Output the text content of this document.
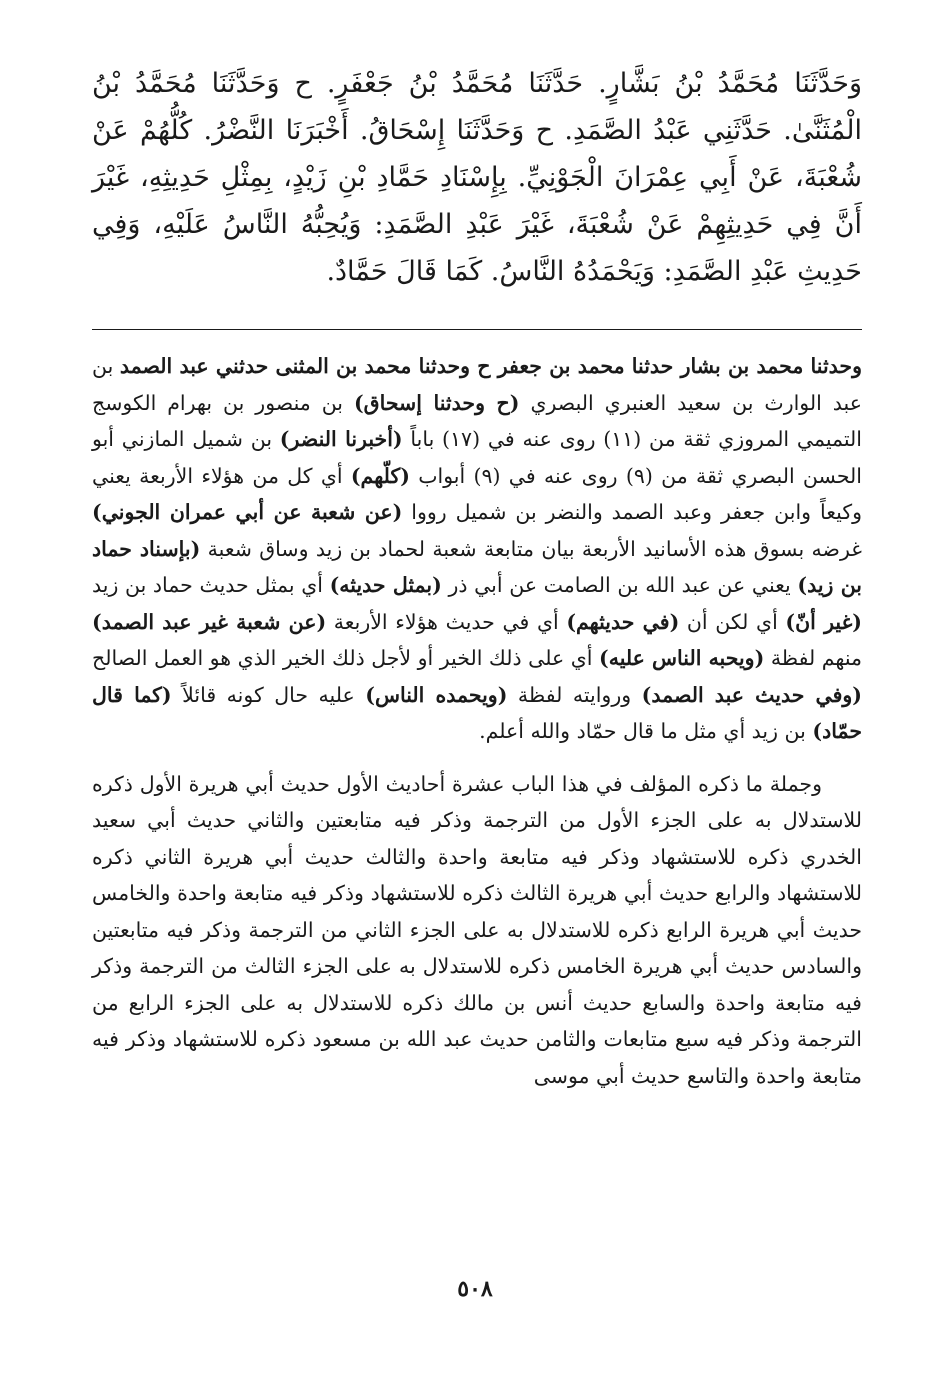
وَحَدَّثَنَا مُحَمَّدُ بْنُ بَشَّارٍ. حَدَّثَنَا مُحَمَّدُ بْنُ جَعْفَرٍ. ح وَحَدَّثَنَا مُحَمَّدُ بْنُ الْمُثَنَّىٰ. حَدَّثَنِي عَبْدُ الصَّمَدِ. ح وَحَدَّثَنَا إِسْحَاقُ. أَخْبَرَنَا النَّضْرُ. كُلُّهُمْ عَنْ شُعْبَةَ، عَنْ أَبِي عِمْرَانَ الْجَوْنِيِّ. بِإِسْنَادِ حَمَّادِ بْنِ زَيْدٍ، بِمِثْلِ حَدِيثِهِ، غَيْرَ أَنَّ فِي حَدِيثِهِمْ عَنْ شُعْبَةَ، غَيْرَ عَبْدِ الصَّمَدِ: وَيُحِبُّهُ النَّاسُ عَلَيْهِ، وَفِي حَدِيثِ عَبْدِ الصَّمَدِ: وَيَحْمَدُهُ النَّاسُ. كَمَا قَالَ حَمَّادٌ.

وحدثنا محمد بن بشار حدثنا محمد بن جعفر ح وحدثنا محمد بن المثنى حدثني عبد الصمد بن عبد الوارث بن سعيد العنبري البصري (ح وحدثنا إسحاق) بن منصور بن بهرام الكوسج التميمي المروزي ثقة من (١١) روى عنه في (١٧) باباً (أخبرنا النضر) بن شميل المازني أبو الحسن البصري ثقة من (٩) روى عنه في (٩) أبواب (كلّهم) أي كل من هؤلاء الأربعة يعني وكيعاً وابن جعفر وعبد الصمد والنضر بن شميل رووا (عن شعبة عن أبي عمران الجوني) غرضه بسوق هذه الأسانيد الأربعة بيان متابعة شعبة لحماد بن زيد وساق شعبة (بإسناد حماد بن زيد) يعني عن عبد الله بن الصامت عن أبي ذر (بمثل حديثه) أي بمثل حديث حماد بن زيد (غير أنّ) أي لكن أن (في حديثهم) أي في حديث هؤلاء الأربعة (عن شعبة غير عبد الصمد) منهم لفظة (ويحبه الناس عليه) أي على ذلك الخير أو لأجل ذلك الخير الذي هو العمل الصالح (وفي حديث عبد الصمد) وروايته لفظة (ويحمده الناس) عليه حال كونه قائلاً (كما قال حمّاد) بن زيد أي مثل ما قال حمّاد والله أعلم.

وجملة ما ذكره المؤلف في هذا الباب عشرة أحاديث الأول حديث أبي هريرة الأول ذكره للاستدلال به على الجزء الأول من الترجمة وذكر فيه متابعتين والثاني حديث أبي سعيد الخدري ذكره للاستشهاد وذكر فيه متابعة واحدة والثالث حديث أبي هريرة الثاني ذكره للاستشهاد والرابع حديث أبي هريرة الثالث ذكره للاستشهاد وذكر فيه متابعة واحدة والخامس حديث أبي هريرة الرابع ذكره للاستدلال به على الجزء الثاني من الترجمة وذكر فيه متابعتين والسادس حديث أبي هريرة الخامس ذكره للاستدلال به على الجزء الثالث من الترجمة وذكر فيه متابعة واحدة والسابع حديث أنس بن مالك ذكره للاستدلال به على الجزء الرابع من الترجمة وذكر فيه سبع متابعات والثامن حديث عبد الله بن مسعود ذكره للاستشهاد وذكر فيه متابعة واحدة والتاسع حديث أبي موسى

٥٠٨
